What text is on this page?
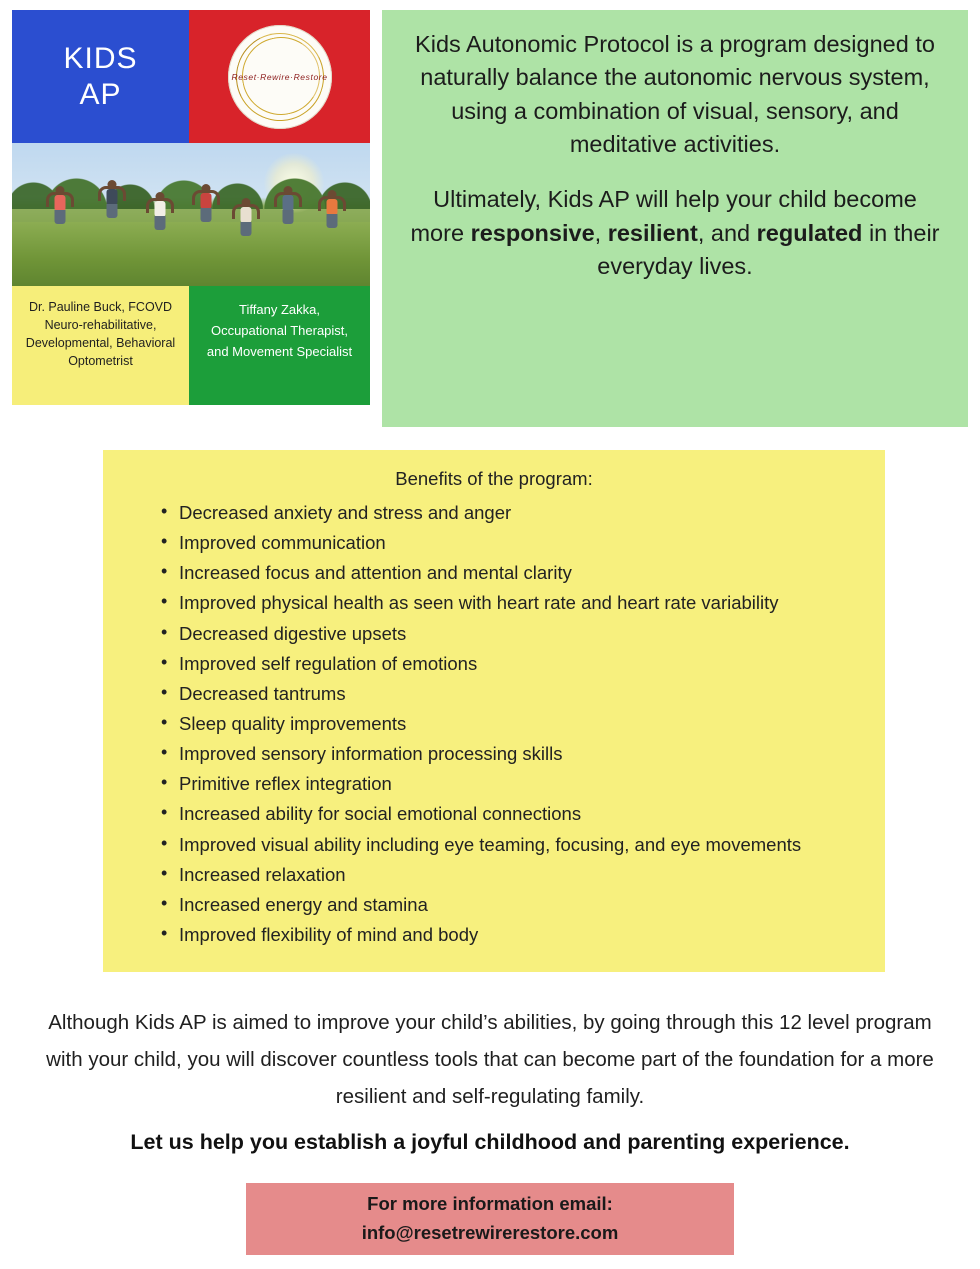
KIDS
AP
Reset·Rewire·Restore
Dr. Pauline Buck, FCOVD Neuro-rehabilitative, Developmental, Behavioral Optometrist
Tiffany Zakka, Occupational Therapist, and Movement Specialist

Kids Autonomic Protocol is a program designed to naturally balance the autonomic nervous system, using a combination of visual, sensory, and meditative activities.

Ultimately, Kids AP will help your child become more responsive, resilient, and regulated in their everyday lives.

Benefits of the program:
• Decreased anxiety and stress and anger
• Improved communication
• Increased focus and attention and mental clarity
• Improved physical health as seen with heart rate and heart rate variability
• Decreased digestive upsets
• Improved self regulation of emotions
• Decreased tantrums
• Sleep quality improvements
• Improved sensory information processing skills
• Primitive reflex integration
• Increased ability for social emotional connections
• Improved visual ability including eye teaming, focusing, and eye movements
• Increased relaxation
• Increased energy and stamina
• Improved flexibility of mind and body

Although Kids AP is aimed to improve your child’s abilities, by going through this 12 level program with your child, you will discover countless tools that can become part of the foundation for a more resilient and self-regulating family.

Let us help you establish a joyful childhood and parenting experience.

For more information email:
info@resetrewirerestore.com
